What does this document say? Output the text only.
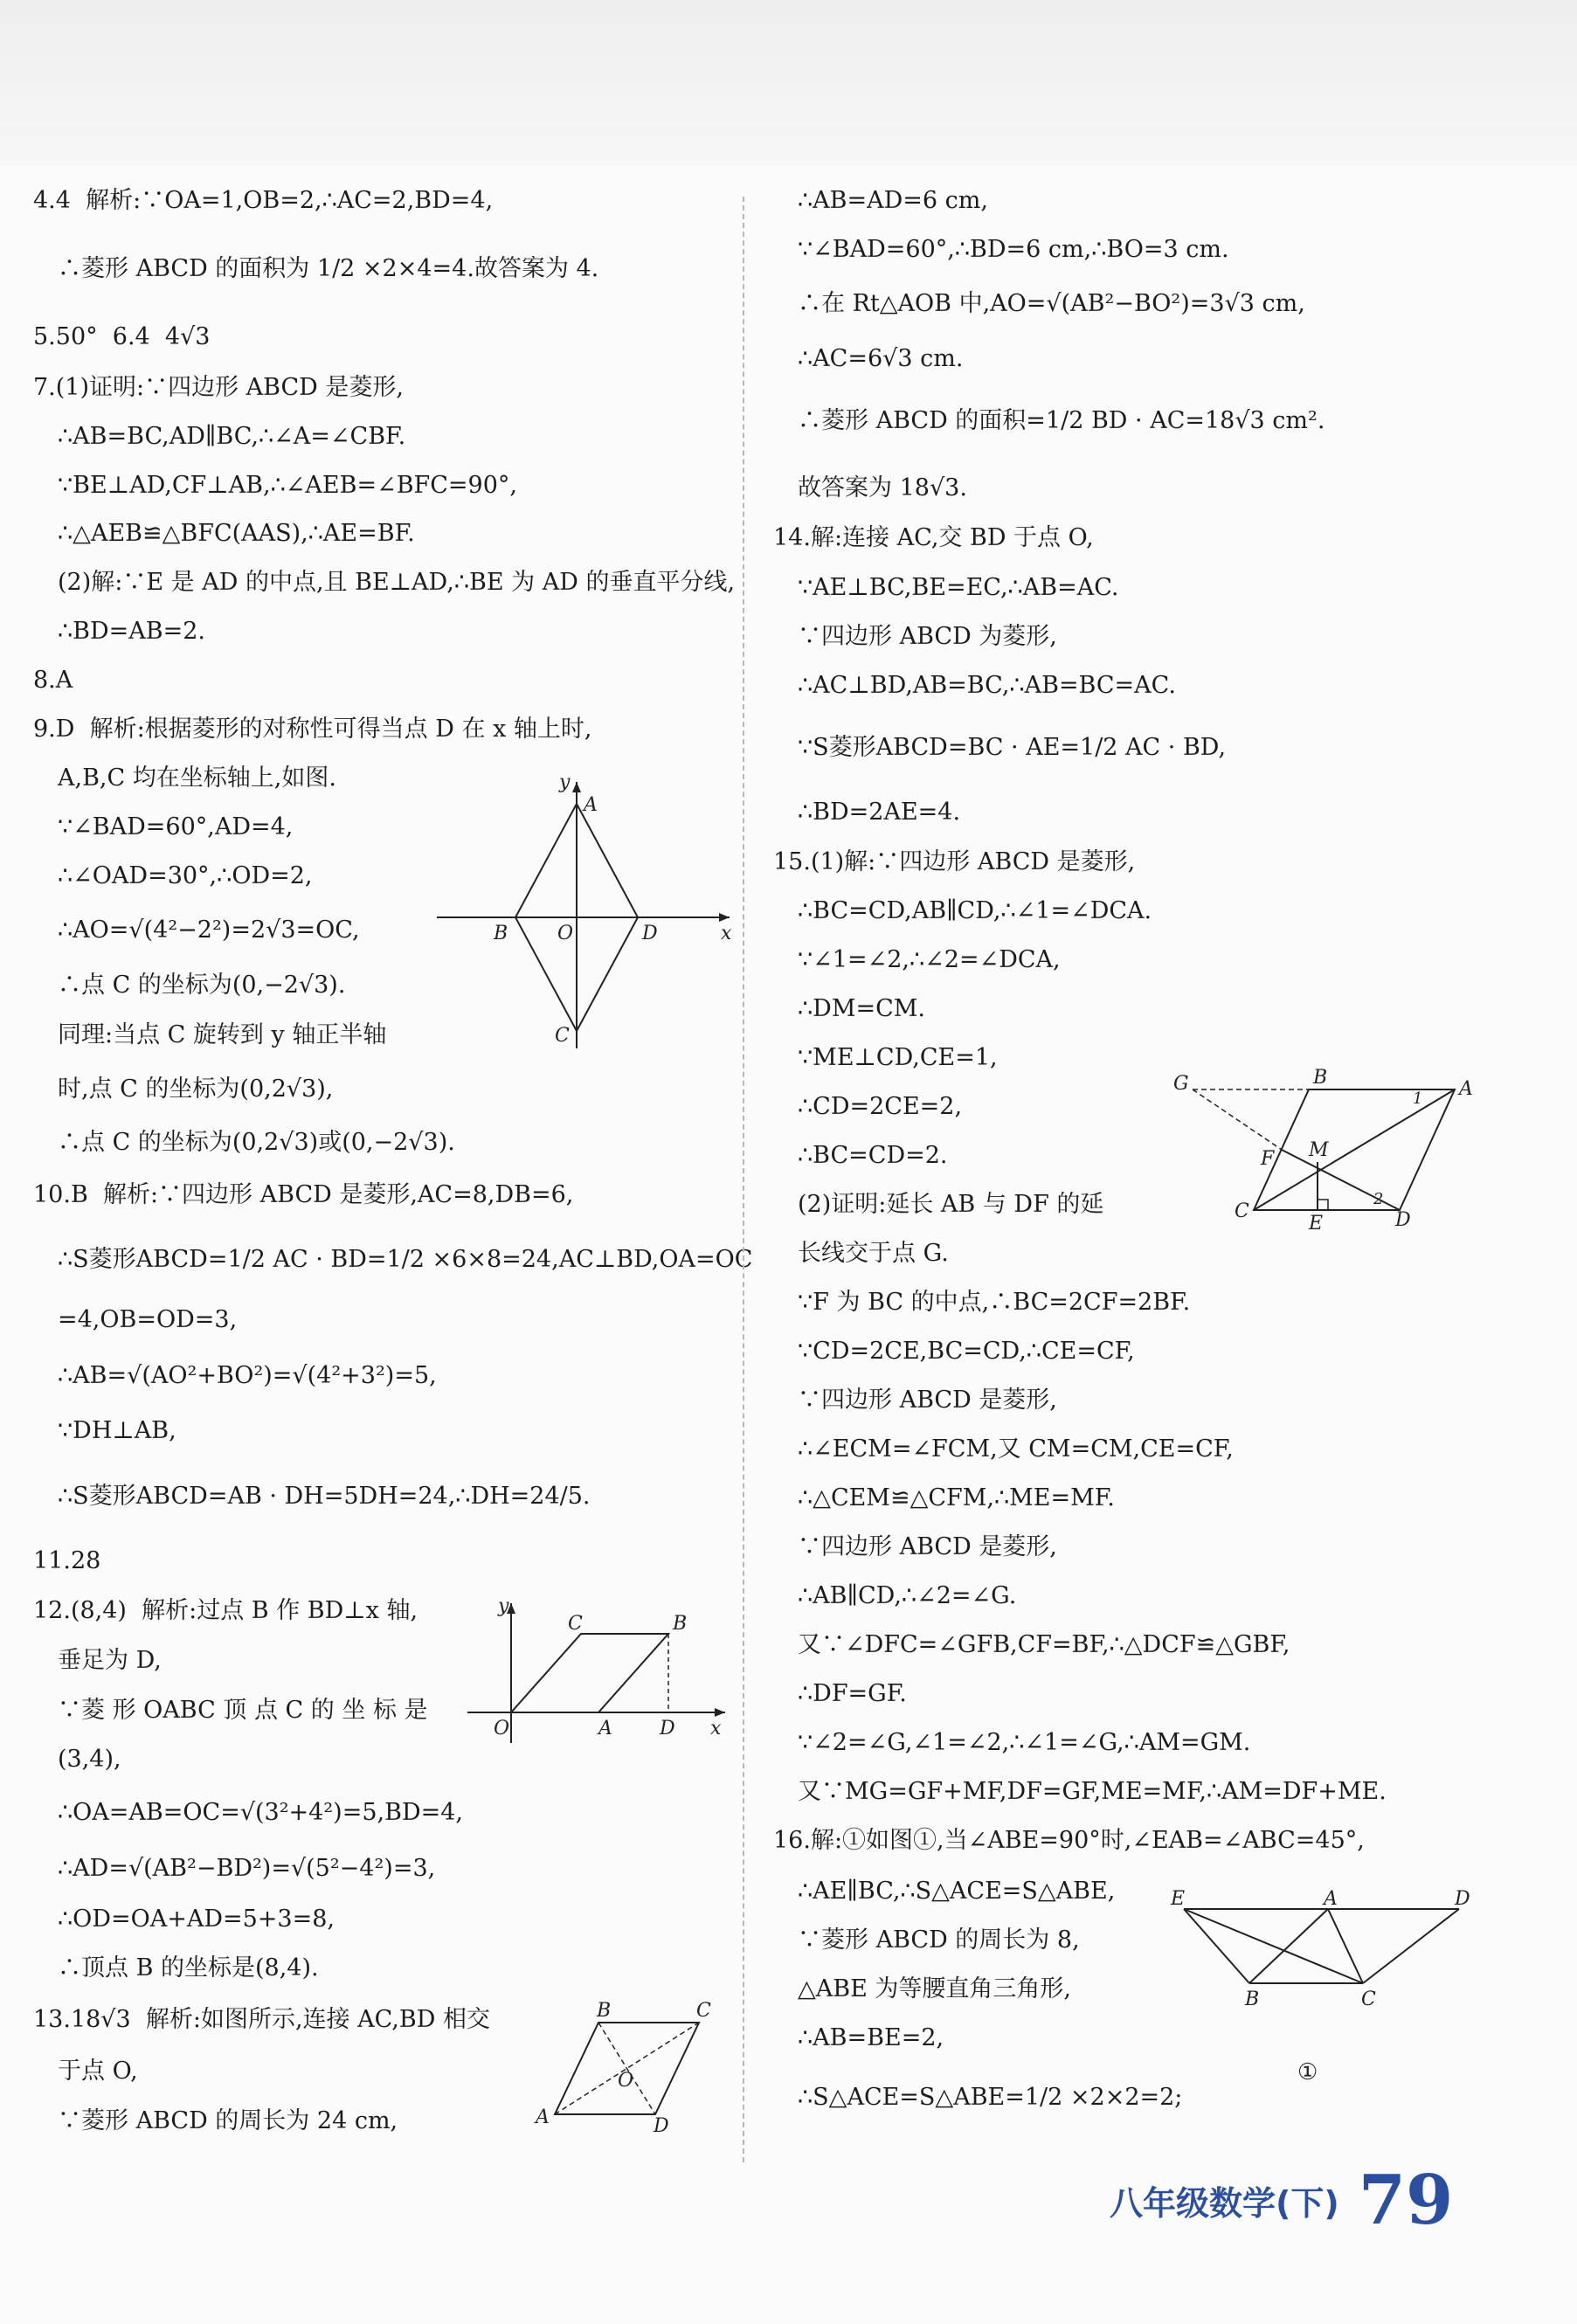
4.4  解析:∵OA=1,OB=2,∴AC=2,BD=4,

∴菱形 ABCD 的面积为 1/2 ×2×4=4.故答案为 4.

5.50°  6.4  4√3

7.(1)证明:∵四边形 ABCD 是菱形,

∴AB=BC,AD∥BC,∴∠A=∠CBF.

∵BE⊥AD,CF⊥AB,∴∠AEB=∠BFC=90°,

∴△AEB≌△BFC(AAS),∴AE=BF.

(2)解:∵E 是 AD 的中点,且 BE⊥AD,∴BE 为 AD 的垂直平分线,

∴BD=AB=2.

8.A

9.D  解析:根据菱形的对称性可得当点 D 在 x 轴上时,

A,B,C 均在坐标轴上,如图.

∵∠BAD=60°,AD=4,

∴∠OAD=30°,∴OD=2,

∴AO=√(4²−2²)=2√3=OC,

∴点 C 的坐标为(0,−2√3).

同理:当点 C 旋转到 y 轴正半轴

时,点 C 的坐标为(0,2√3),

∴点 C 的坐标为(0,2√3)或(0,−2√3).

10.B  解析:∵四边形 ABCD 是菱形,AC=8,DB=6,

∴S菱形ABCD=1/2 AC · BD=1/2 ×6×8=24,AC⊥BD,OA=OC

=4,OB=OD=3,

∴AB=√(AO²+BO²)=√(4²+3²)=5,

∵DH⊥AB,

∴S菱形ABCD=AB · DH=5DH=24,∴DH=24/5.

11.28

12.(8,4)  解析:过点 B 作 BD⊥x 轴,

垂足为 D,

∵菱 形 OABC 顶 点 C 的 坐 标 是

(3,4),

∴OA=AB=OC=√(3²+4²)=5,BD=4,

∴AD=√(AB²−BD²)=√(5²−4²)=3,

∴OD=OA+AD=5+3=8,

∴顶点 B 的坐标是(8,4).

13.18√3  解析:如图所示,连接 AC,BD 相交

于点 O,

∵菱形 ABCD 的周长为 24 cm,

∴AB=AD=6 cm,

∵∠BAD=60°,∴BD=6 cm,∴BO=3 cm.

∴在 Rt△AOB 中,AO=√(AB²−BO²)=3√3 cm,

∴AC=6√3 cm.

∴菱形 ABCD 的面积=1/2 BD · AC=18√3 cm².

故答案为 18√3.

14.解:连接 AC,交 BD 于点 O,

∵AE⊥BC,BE=EC,∴AB=AC.

∵四边形 ABCD 为菱形,

∴AC⊥BD,AB=BC,∴AB=BC=AC.

∵S菱形ABCD=BC · AE=1/2 AC · BD,

∴BD=2AE=4.

15.(1)解:∵四边形 ABCD 是菱形,

∴BC=CD,AB∥CD,∴∠1=∠DCA.

∵∠1=∠2,∴∠2=∠DCA,

∴DM=CM.

∵ME⊥CD,CE=1,

∴CD=2CE=2,

∴BC=CD=2.

(2)证明:延长 AB 与 DF 的延

长线交于点 G.

∵F 为 BC 的中点,∴BC=2CF=2BF.

∵CD=2CE,BC=CD,∴CE=CF,

∵四边形 ABCD 是菱形,

∴∠ECM=∠FCM,又 CM=CM,CE=CF,

∴△CEM≌△CFM,∴ME=MF.

∵四边形 ABCD 是菱形,

∴AB∥CD,∴∠2=∠G.

又∵∠DFC=∠GFB,CF=BF,∴△DCF≌△GBF,

∴DF=GF.

∵∠2=∠G,∠1=∠2,∴∠1=∠G,∴AM=GM.

又∵MG=GF+MF,DF=GF,ME=MF,∴AM=DF+ME.

16.解:①如图①,当∠ABE=90°时,∠EAB=∠ABC=45°,

∴AE∥BC,∴S△ACE=S△ABE,

∵菱形 ABCD 的周长为 8,

△ABE 为等腰直角三角形,

∴AB=BE=2,

∴S△ACE=S△ABE=1/2 ×2×2=2;

y
A
B	O	D	x
C
y
C	B
O	A D x
B	C
A
O
D
G	B
A
1
F M
C
E
2
D
E	A	D
B	C
①
八年级数学(下) 79
